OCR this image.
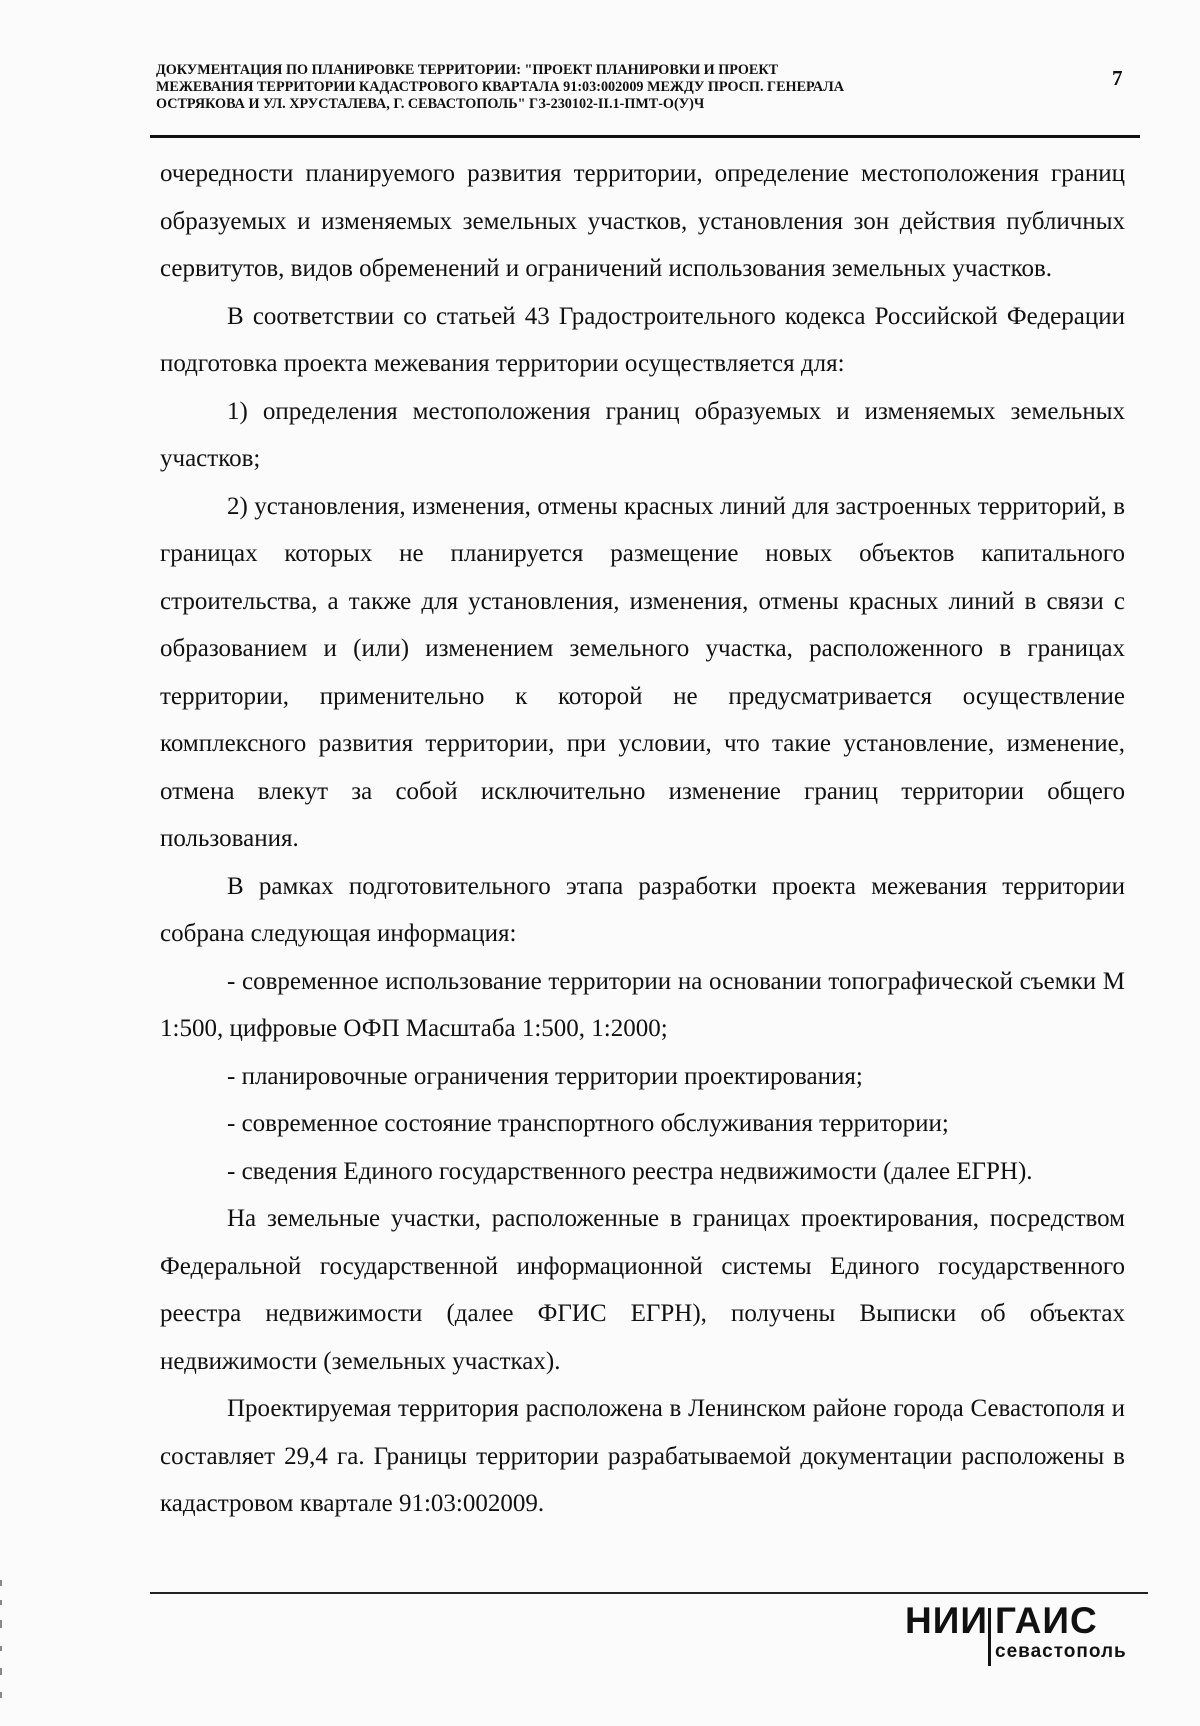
ДОКУМЕНТАЦИЯ ПО ПЛАНИРОВКЕ ТЕРРИТОРИИ: "ПРОЕКТ ПЛАНИРОВКИ И ПРОЕКТ
МЕЖЕВАНИЯ ТЕРРИТОРИИ КАДАСТРОВОГО КВАРТАЛА 91:03:002009 МЕЖДУ ПРОСП. ГЕНЕРАЛА
ОСТРЯКОВА И УЛ. ХРУСТАЛЕВА, Г. СЕВАСТОПОЛЬ" ГЗ-230102-II.1-ПМТ-О(У)Ч
7

очередности планируемого развития территории, определение местоположения границ образуемых и изменяемых земельных участков, установления зон действия публичных сервитутов, видов обременений и ограничений использования земельных участков.

В соответствии со статьей 43 Градостроительного кодекса Российской Федерации подготовка проекта межевания территории осуществляется для:

1) определения местоположения границ образуемых и изменяемых земельных участков;

2) установления, изменения, отмены красных линий для застроенных территорий, в границах которых не планируется размещение новых объектов капитального строительства, а также для установления, изменения, отмены красных линий в связи с образованием и (или) изменением земельного участка, расположенного в границах территории, применительно к которой не предусматривается осуществление комплексного развития территории, при условии, что такие установление, изменение, отмена влекут за собой исключительно изменение границ территории общего пользования.

В рамках подготовительного этапа разработки проекта межевания территории собрана следующая информация:

- современное использование территории на основании топографической съемки М 1:500, цифровые ОФП Масштаба 1:500, 1:2000;

- планировочные ограничения территории проектирования;

- современное состояние транспортного обслуживания территории;

- сведения Единого государственного реестра недвижимости (далее ЕГРН).

На земельные участки, расположенные в границах проектирования, посредством Федеральной государственной информационной системы Единого государственного реестра недвижимости (далее ФГИС ЕГРН), получены Выписки об объектах недвижимости (земельных участках).

Проектируемая территория расположена в Ленинском районе города Севастополя и составляет 29,4 га. Границы территории разрабатываемой документации расположены в кадастровом квартале 91:03:002009.

НИИ ГАИС
севастополь
